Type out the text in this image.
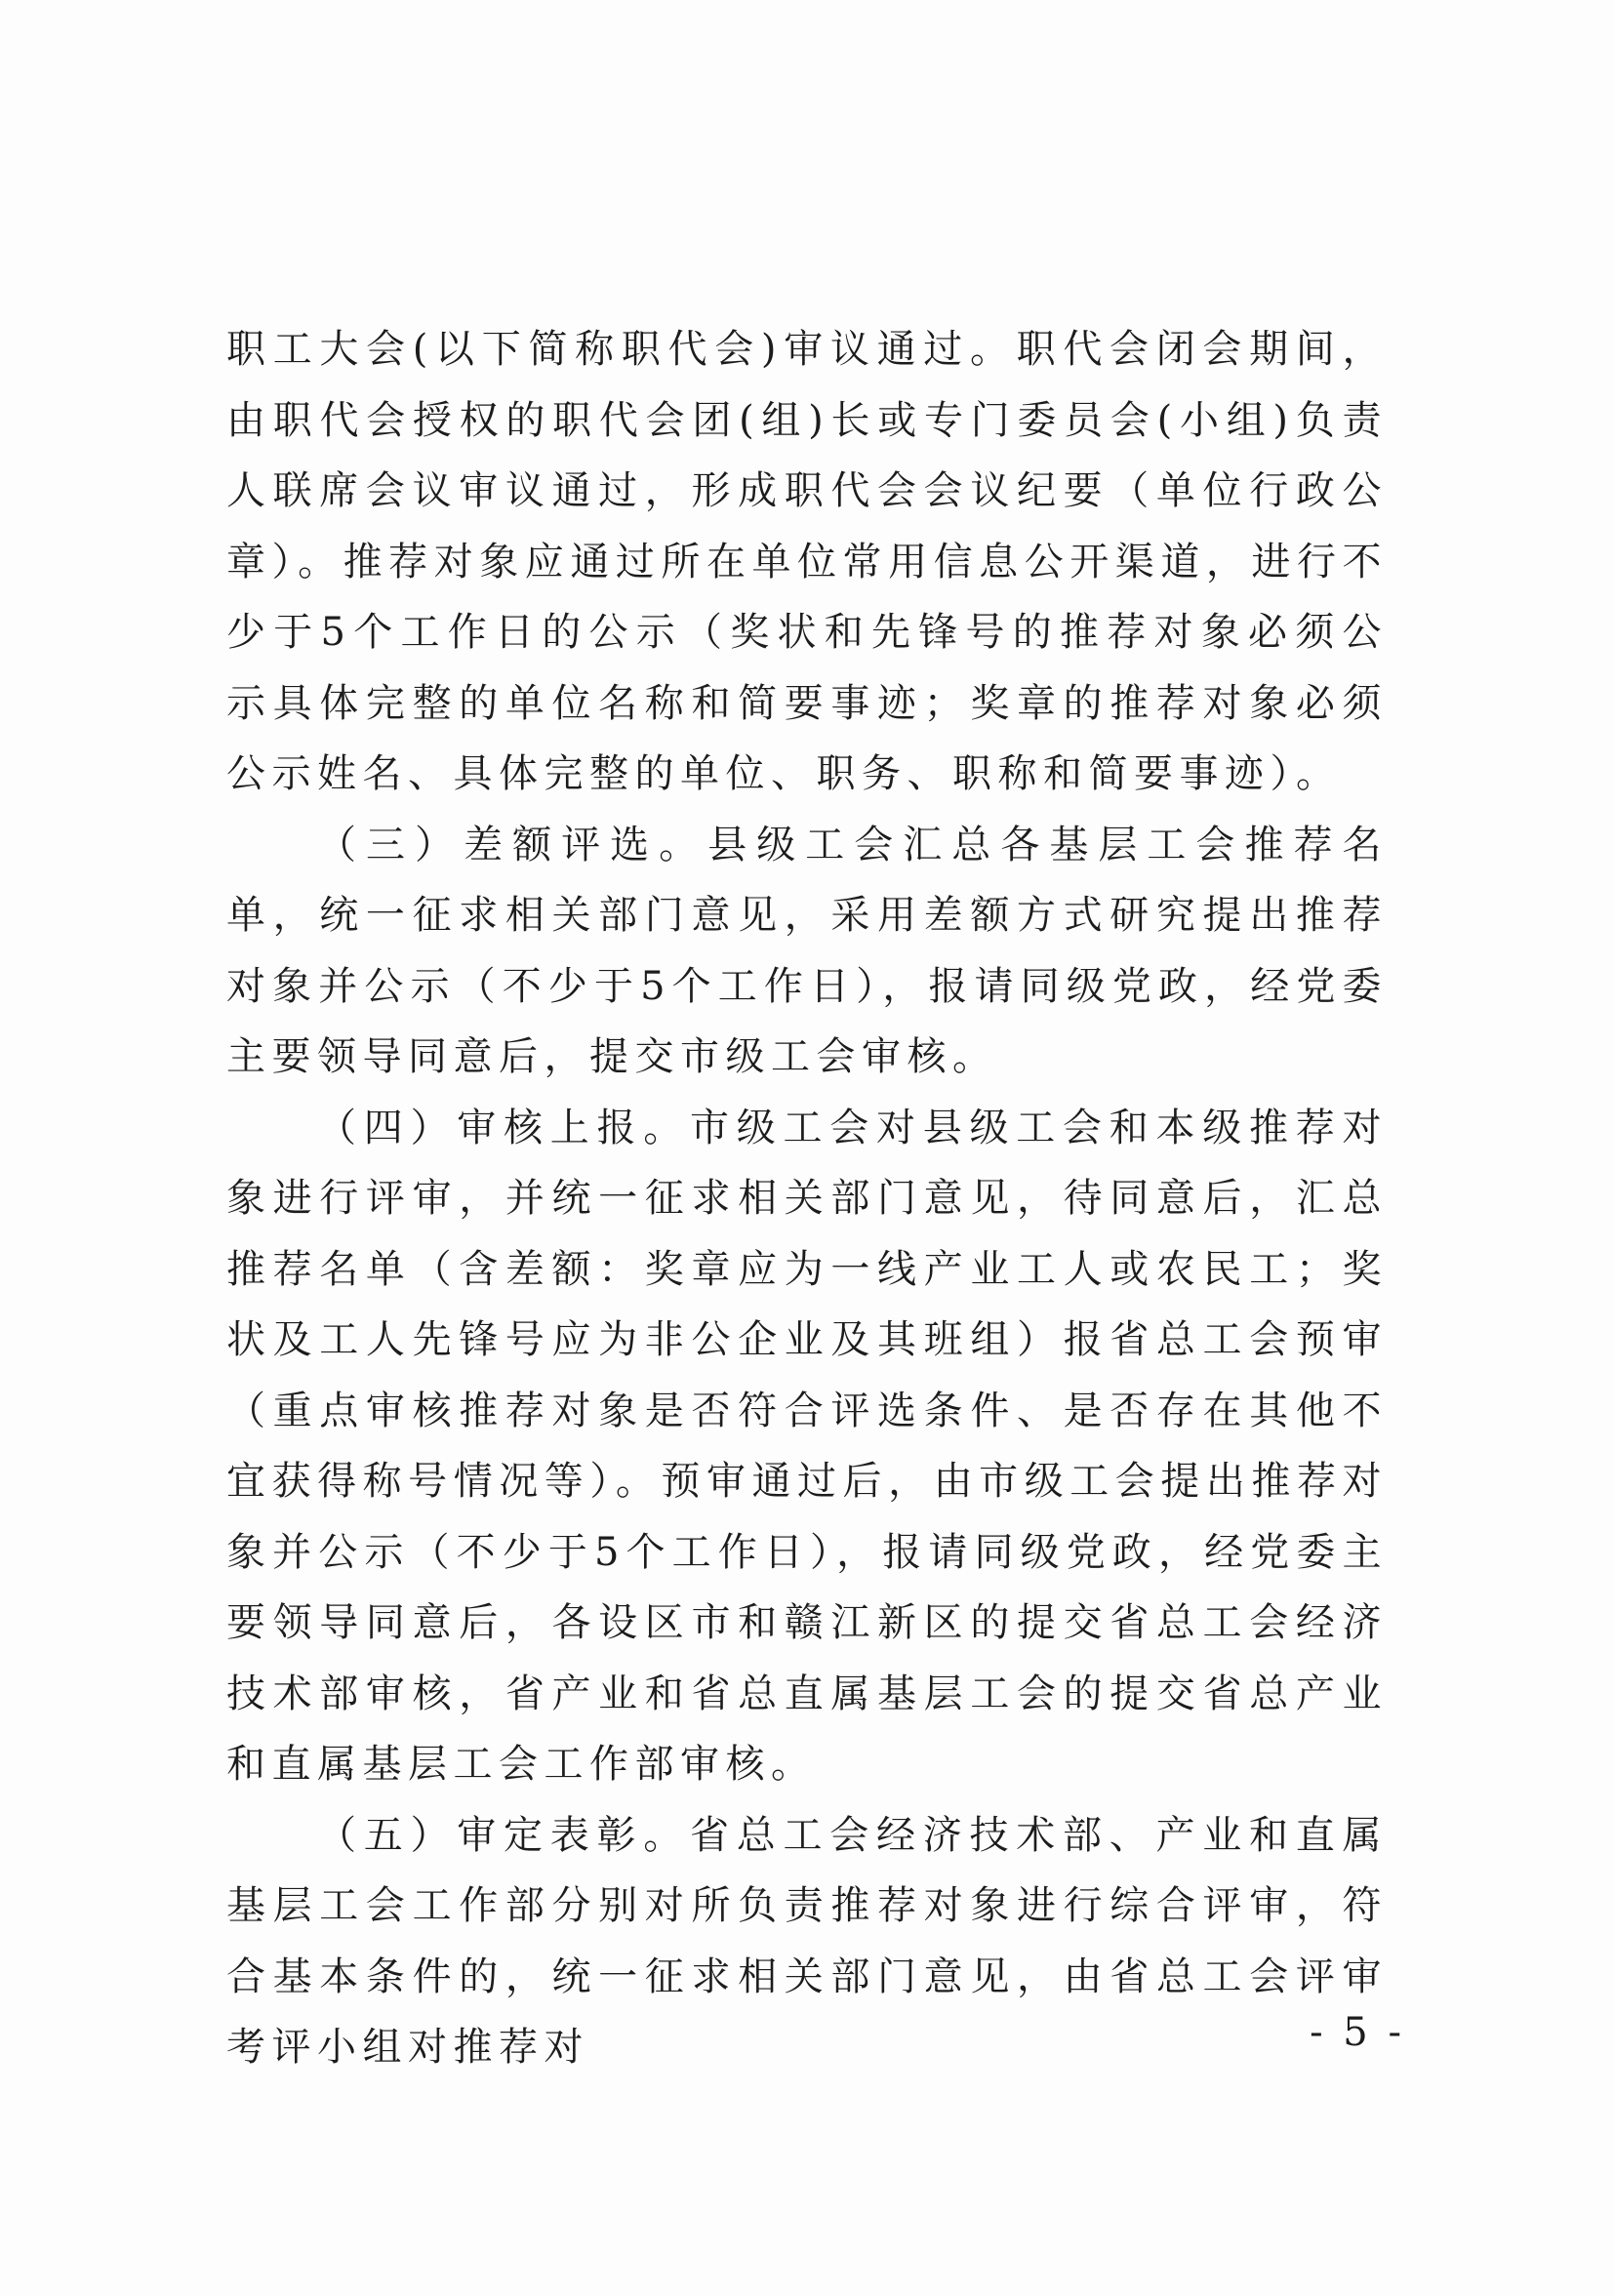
职工大会(以下简称职代会)审议通过。职代会闭会期间，由职代会授权的职代会团(组)长或专门委员会(小组)负责人联席会议审议通过，形成职代会会议纪要（单位行政公章）。推荐对象应通过所在单位常用信息公开渠道，进行不少于5个工作日的公示（奖状和先锋号的推荐对象必须公示具体完整的单位名称和简要事迹；奖章的推荐对象必须公示姓名、具体完整的单位、职务、职称和简要事迹）。

（三）差额评选。县级工会汇总各基层工会推荐名单，统一征求相关部门意见，采用差额方式研究提出推荐对象并公示（不少于5个工作日），报请同级党政，经党委主要领导同意后，提交市级工会审核。

（四）审核上报。市级工会对县级工会和本级推荐对象进行评审，并统一征求相关部门意见，待同意后，汇总推荐名单（含差额：奖章应为一线产业工人或农民工；奖状及工人先锋号应为非公企业及其班组）报省总工会预审（重点审核推荐对象是否符合评选条件、是否存在其他不宜获得称号情况等）。预审通过后，由市级工会提出推荐对象并公示（不少于5个工作日），报请同级党政，经党委主要领导同意后，各设区市和赣江新区的提交省总工会经济技术部审核，省产业和省总直属基层工会的提交省总产业和直属基层工会工作部审核。

（五）审定表彰。省总工会经济技术部、产业和直属基层工会工作部分别对所负责推荐对象进行综合评审，符合基本条件的，统一征求相关部门意见，由省总工会评审考评小组对推荐对	- 5 -
